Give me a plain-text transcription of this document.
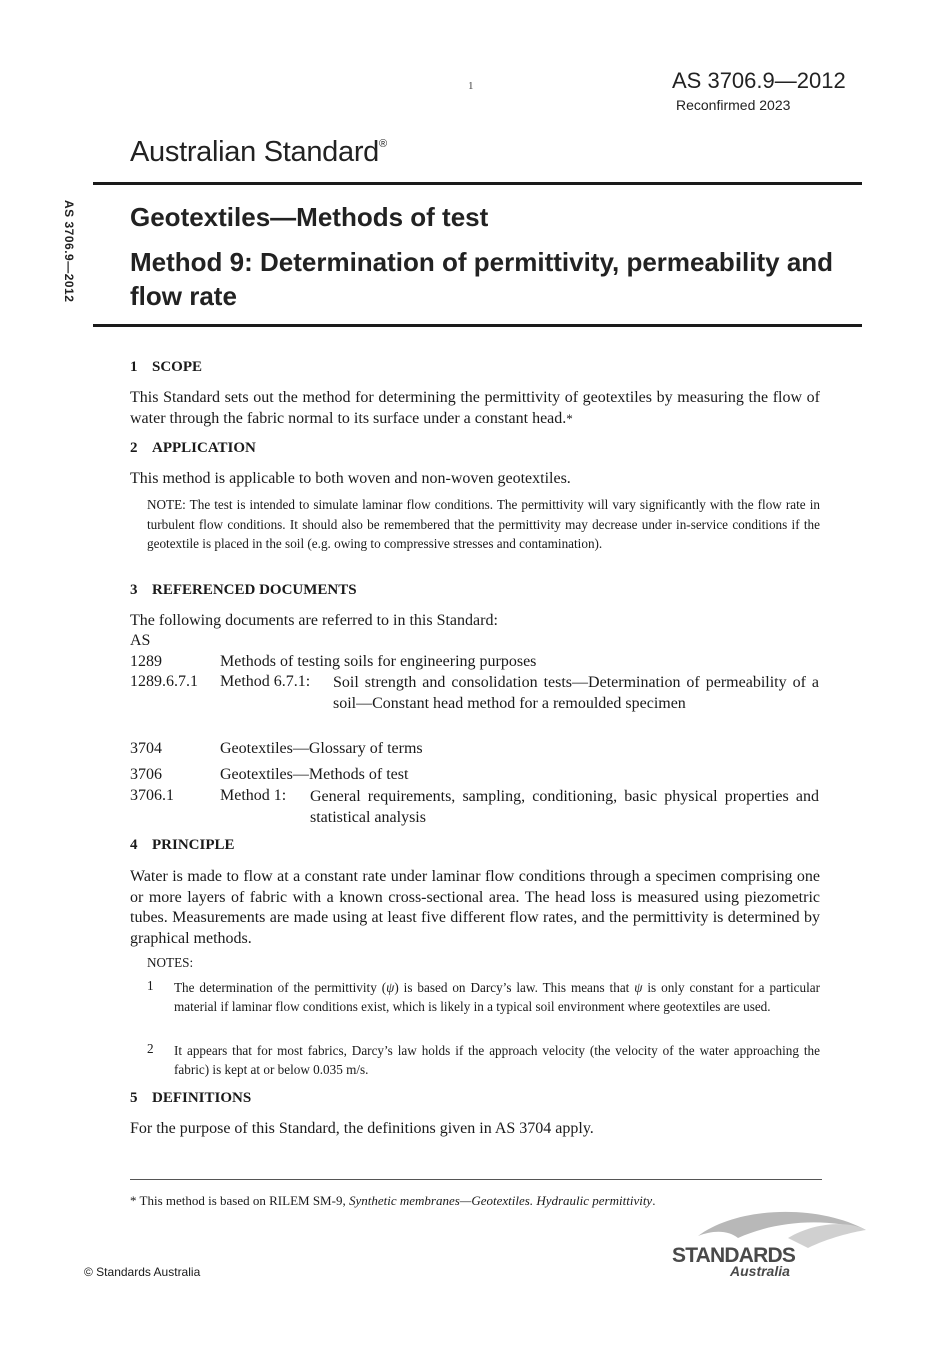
1	AS 3706.9—2012
Reconfirmed 2023
Australian Standard®
AS 3706.9—2012 Geotextiles—Methods of test
Method 9: Determination of permittivity, permeability and flow rate
1 SCOPE
This Standard sets out the method for determining the permittivity of geotextiles by measuring the flow of water through the fabric normal to its surface under a constant head.*
2 APPLICATION
This method is applicable to both woven and non-woven geotextiles.
NOTE: The test is intended to simulate laminar flow conditions. The permittivity will vary significantly with the flow rate in turbulent flow conditions. It should also be remembered that the permittivity may decrease under in-service conditions if the geotextile is placed in the soil (e.g. owing to compressive stresses and contamination).
3 REFERENCED DOCUMENTS
The following documents are referred to in this Standard:
AS
1289	Methods of testing soils for engineering purposes
1289.6.7.1 Method 6.7.1: Soil strength and consolidation tests—Determination of permeability of a soil—Constant head method for a remoulded specimen
3704	Geotextiles—Glossary of terms
3706	Geotextiles—Methods of test
3706.1	Method 1: General requirements, sampling, conditioning, basic physical properties and statistical analysis
4 PRINCIPLE
Water is made to flow at a constant rate under laminar flow conditions through a specimen comprising one or more layers of fabric with a known cross-sectional area. The head loss is measured using piezometric tubes. Measurements are made using at least five different flow rates, and the permittivity is determined by graphical methods.
NOTES:
1 The determination of the permittivity (ψ) is based on Darcy’s law. This means that ψ is only constant for a particular material if laminar flow conditions exist, which is likely in a typical soil environment where geotextiles are used.
2 It appears that for most fabrics, Darcy’s law holds if the approach velocity (the velocity of the water approaching the fabric) is kept at or below 0.035 m/s.
5 DEFINITIONS
For the purpose of this Standard, the definitions given in AS 3704 apply.
* This method is based on RILEM SM-9, Synthetic membranes—Geotextiles. Hydraulic permittivity.
© Standards Australia
STANDARDS
Australia
